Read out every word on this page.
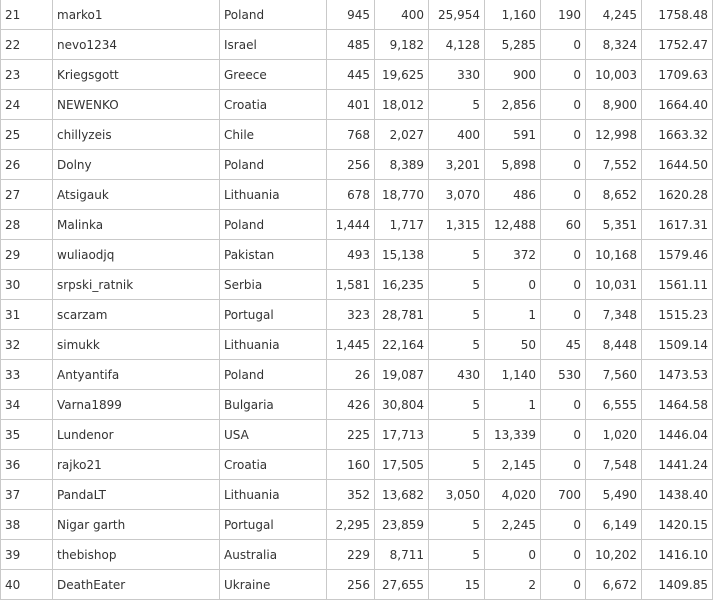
21	marko1	Poland	945	400	25,954	1,160	190	4,245	1758.48
22	nevo1234	Israel	485	9,182	4,128	5,285	0	8,324	1752.47
23	Kriegsgott	Greece	445	19,625	330	900	0	10,003	1709.63
24	NEWENKO	Croatia	401	18,012	5	2,856	0	8,900	1664.40
25	chillyzeis	Chile	768	2,027	400	591	0	12,998	1663.32
26	Dolny	Poland	256	8,389	3,201	5,898	0	7,552	1644.50
27	Atsigauk	Lithuania	678	18,770	3,070	486	0	8,652	1620.28
28	Malinka	Poland	1,444	1,717	1,315	12,488	60	5,351	1617.31
29	wuliaodjq	Pakistan	493	15,138	5	372	0	10,168	1579.46
30	srpski_ratnik	Serbia	1,581	16,235	5	0	0	10,031	1561.11
31	scarzam	Portugal	323	28,781	5	1	0	7,348	1515.23
32	simukk	Lithuania	1,445	22,164	5	50	45	8,448	1509.14
33	Antyantifa	Poland	26	19,087	430	1,140	530	7,560	1473.53
34	Varna1899	Bulgaria	426	30,804	5	1	0	6,555	1464.58
35	Lundenor	USA	225	17,713	5	13,339	0	1,020	1446.04
36	rajko21	Croatia	160	17,505	5	2,145	0	7,548	1441.24
37	PandaLT	Lithuania	352	13,682	3,050	4,020	700	5,490	1438.40
38	Nigar garth	Portugal	2,295	23,859	5	2,245	0	6,149	1420.15
39	thebishop	Australia	229	8,711	5	0	0	10,202	1416.10
40	DeathEater	Ukraine	256	27,655	15	2	0	6,672	1409.85
